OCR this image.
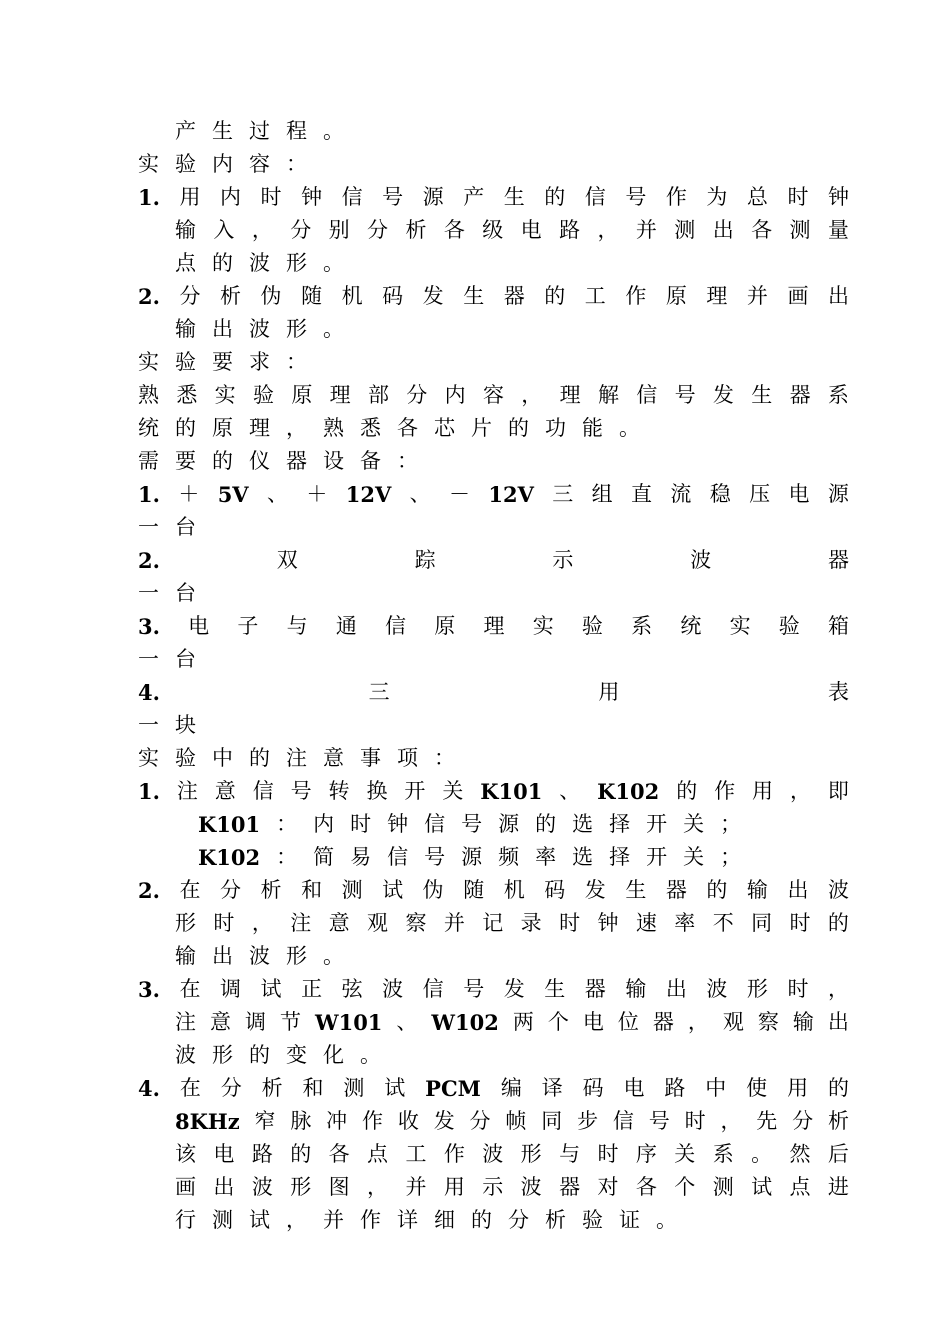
产 生 过 程 。
实 验 内 容 ：
1. 用 内 时 钟 信 号 源 产 生 的 信 号 作 为 总 时 钟
输 入 ， 分 别 分 析 各 级 电 路 ， 并 测 出 各 测 量
点 的 波 形 。
2. 分 析 伪 随 机 码 发 生 器 的 工 作 原 理 并 画 出
输 出 波 形 。
实 验 要 求 ：
熟 悉 实 验 原 理 部 分 内 容 ， 理 解 信 号 发 生 器 系
统 的 原 理 ， 熟 悉 各 芯 片 的 功 能 。
需 要 的 仪 器 设 备 ：
1. ＋ 5V 、 ＋ 12V 、 － 12V 三 组 直 流 稳 压 电 源
一 台
2.	双	踪	示	波	器
一 台
3. 电 子 与 通 信 原 理 实 验 系 统 实 验 箱
一 台
4.	三	用	表
一 块
实 验 中 的 注 意 事 项 ：
1. 注 意 信 号 转 换 开 关 K101 、 K102 的 作 用 ， 即
K101 ： 内 时 钟 信 号 源 的 选 择 开 关 ；
K102 ： 简 易 信 号 源 频 率 选 择 开 关 ；
2. 在 分 析 和 测 试 伪 随 机 码 发 生 器 的 输 出 波
形 时 ， 注 意 观 察 并 记 录 时 钟 速 率 不 同 时 的
输 出 波 形 。
3. 在 调 试 正 弦 波 信 号 发 生 器 输 出 波 形 时 ，
注 意 调 节 W101 、 W102 两 个 电 位 器 ， 观 察 输 出
波 形 的 变 化 。
4. 在 分 析 和 测 试 PCM 编 译 码 电 路 中 使 用 的
8KHz 窄 脉 冲 作 收 发 分 帧 同 步 信 号 时 ， 先 分 析
该 电 路 的 各 点 工 作 波 形 与 时 序 关 系 。 然 后
画 出 波 形 图 ， 并 用 示 波 器 对 各 个 测 试 点 进
行 测 试 ， 并 作 详 细 的 分 析 验 证 。
